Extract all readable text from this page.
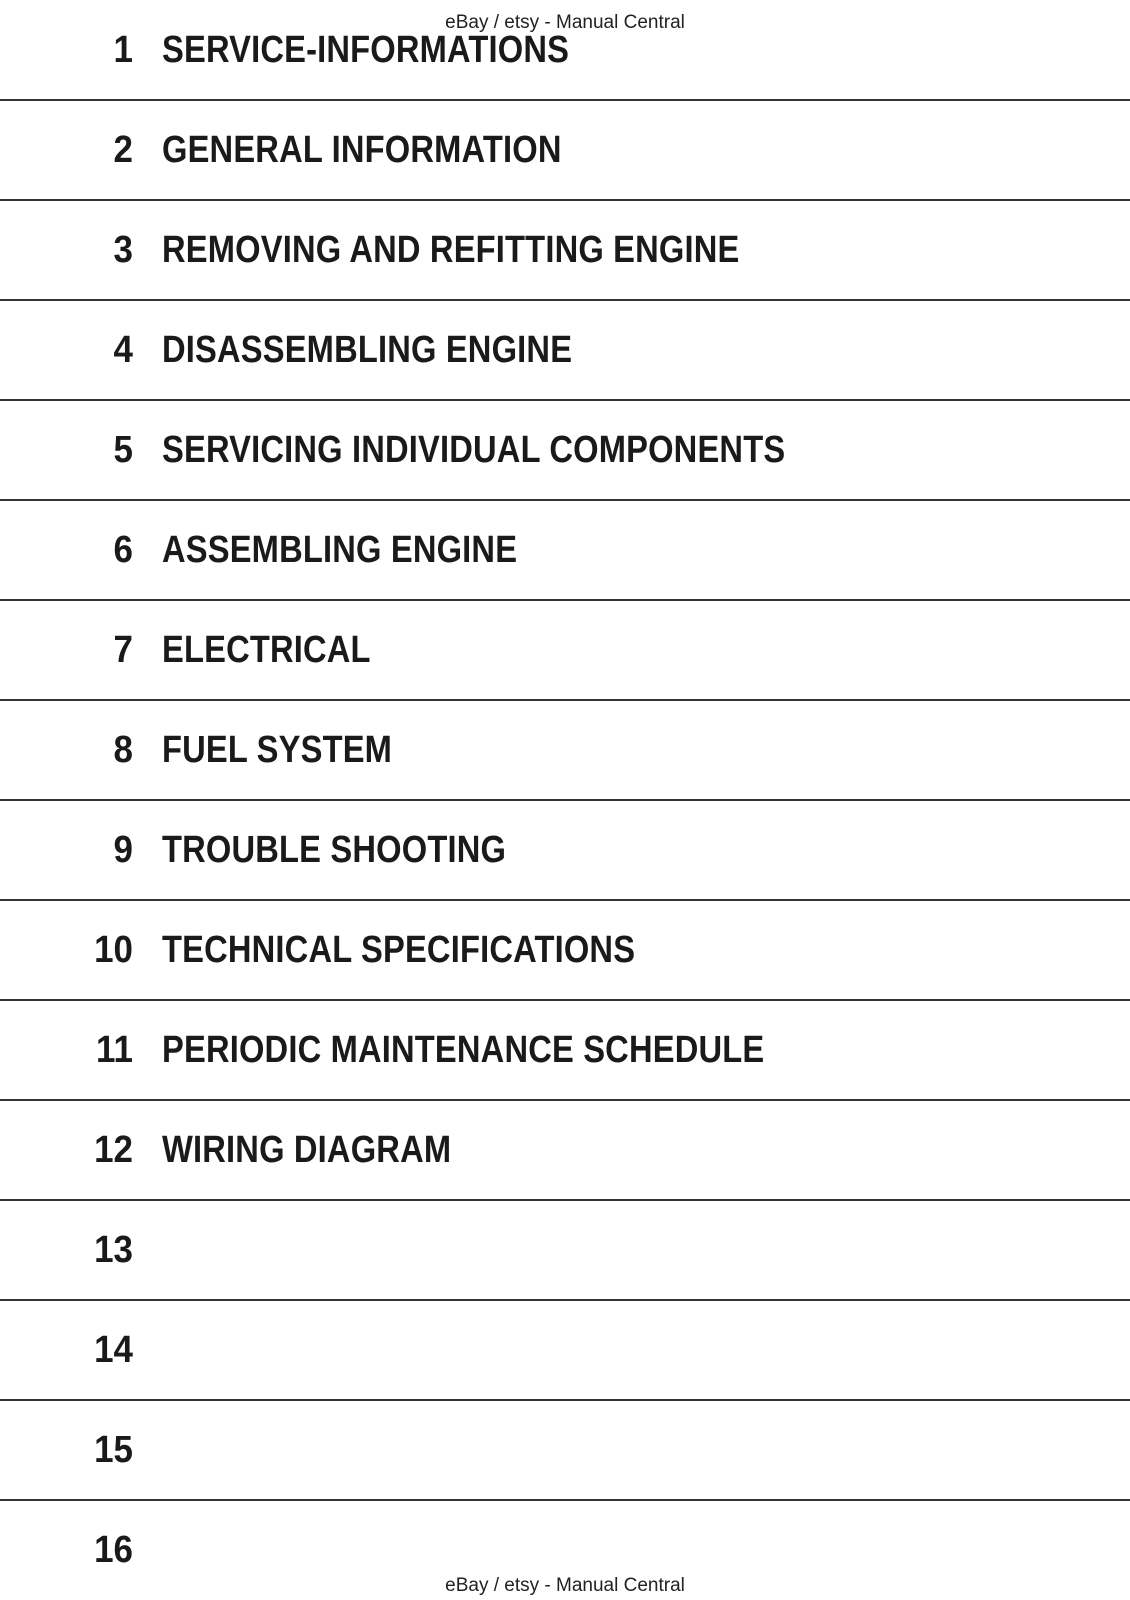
1 SERVICE-INFORMATIONS
2 GENERAL INFORMATION
3 REMOVING AND REFITTING ENGINE
4 DISASSEMBLING ENGINE
5 SERVICING INDIVIDUAL COMPONENTS
6 ASSEMBLING ENGINE
7 ELECTRICAL
8 FUEL SYSTEM
9 TROUBLE SHOOTING
10 TECHNICAL SPECIFICATIONS
11 PERIODIC MAINTENANCE SCHEDULE
12 WIRING DIAGRAM
13
14
15
16
eBay / etsy - Manual Central
eBay / etsy - Manual Central
